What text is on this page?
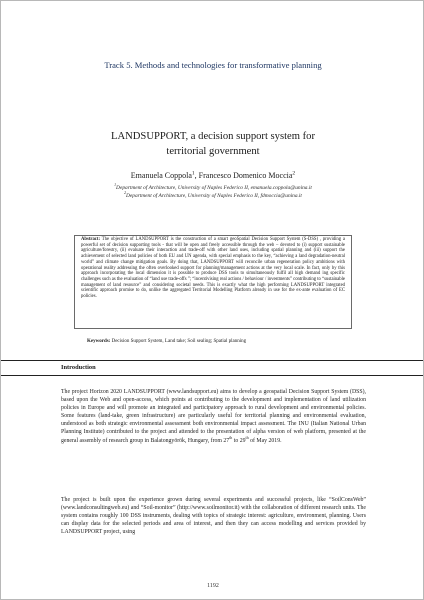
Track 5. Methods and technologies for transformative planning
LANDSUPPORT, a decision support system for
territorial government
Emanuela Coppola$^1$, Francesco Domenico Moccia$^2$
$^1$Department of Architecture, University of Naples Federico II, emanuela.coppola@unina.it
$^2$Department of Architecture, University of Naples Federico II, fdmoccia@unina.it
Abstract: The objective of LANDSUPPORT is the construction of a smart geoSpatial Decision Support System (S-DSS) , providing a powerful set of decision supporting tools - that will be open and freely accessible through the web – devoted to (i) support sustainable agriculture/forestry, (ii) evaluate their interaction and trade-off with other land uses, including spatial planning and (iii) support the achievement of selected land policies of both EU and UN agenda, with special emphasis to the key, “achieving a land degradation-neutral world” and climate change mitigation goals. By doing that, LANDSUPPORT will reconcile urban regeneration policy ambitions with operational reality addressing the often overlooked support for planning/management actions at the very local scale. In fact, only by this approach incorporating the local dimension it is possible to produce DSS tools to simultaneously fulfil all high demand ing specific challenges such as the evaluation of “land use trade-offs ”; “incentivising real actions / behaviour / investments” contributing to “sustainable management of land resource” and considering societal needs. This is exactly what the high performing LANDSUPPORT integrated scientific approach promise to do, unlike the aggregated Territorial Modelling Platform already in use for the ex-ante evaluation of EC policies.
Keywords: Decision Support System, Land take; Soil sealing; Spatial planning
Introduction
The project Horizon 2020 LANDSUPPORT (www.landsupport.eu) aims to develop a geospatial Decision Support System (DSS), based upon the Web and open-access, which points at contributing to the development and implementation of land utilization policies in Europe and will promote an integrated and participatory approach to rural development and environmental policies. Some features (land-take, green infrastructure) are particularly useful for territorial planning and environmental evaluation, understood as both strategic environmental assessment both environmental impact assessment. The INU (Italian National Urban Planning Institute) contributed to the project and attended to the presentation of alpha version of web platform, presented at the general assembly of research group in Balatongyörök, Hungary, from 27th to 29th of May 2019.
The project is built upon the experience grown during several experiments and successful projects, like “SoilConsWeb” (www.landconsultingweb.eu) and “Soil-monitor” (http://www.soilmonitor.it) with the collaboration of different research units. The system contains roughly 100 DSS instruments, dealing with topics of strategic interest: agriculture, environment, planning. Users can display data for the selected periods and area of interest, and then they can access modelling and services provided by LANDSUPPORT project, using
1192
